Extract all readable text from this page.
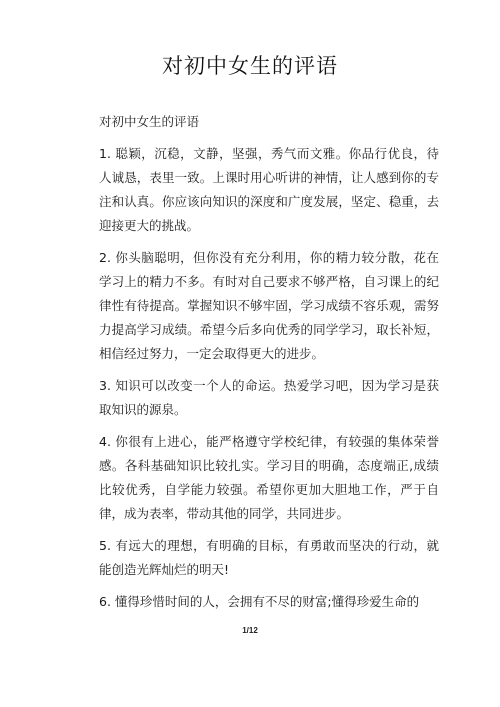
对初中女生的评语
对初中女生的评语

1. 聪颖，沉稳，文静，坚强，秀气而文雅。你品行优良，待人诚恳，表里一致。上课时用心听讲的神情，让人感到你的专注和认真。你应该向知识的深度和广度发展，坚定、稳重，去迎接更大的挑战。

2. 你头脑聪明，但你没有充分利用，你的精力较分散，花在学习上的精力不多。有时对自己要求不够严格，自习课上的纪律性有待提高。掌握知识不够牢固，学习成绩不容乐观，需努力提高学习成绩。希望今后多向优秀的同学学习，取长补短，相信经过努力，一定会取得更大的进步。

3. 知识可以改变一个人的命运。热爱学习吧，因为学习是获取知识的源泉。

4. 你很有上进心，能严格遵守学校纪律，有较强的集体荣誉感。各科基础知识比较扎实。学习目的明确，态度端正,成绩比较优秀，自学能力较强。希望你更加大胆地工作，严于自律，成为表率，带动其他的同学，共同进步。

5. 有远大的理想，有明确的目标，有勇敢而坚决的行动，就能创造光辉灿烂的明天!

6. 懂得珍惜时间的人，会拥有不尽的财富;懂得珍爱生命的

1/12
